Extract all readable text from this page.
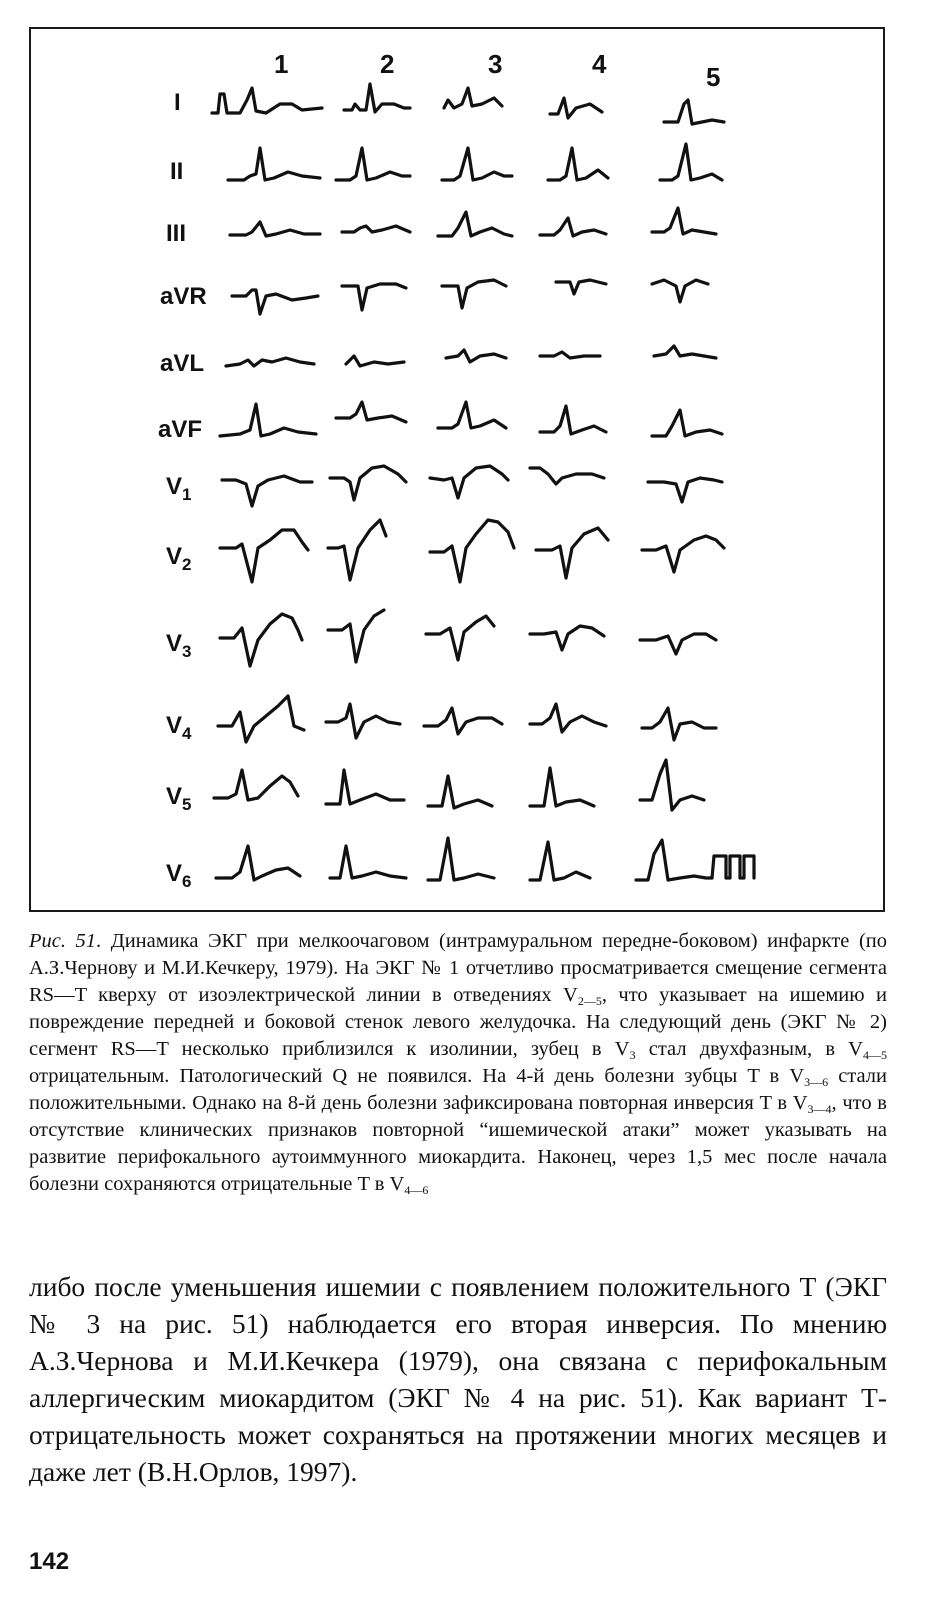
1	2	3	4	5
I
II
III
aVR
aVL
aVF
$V_1$
$V_2$
$V_3$
$V_4$
$V_5$
$V_6$
Рис. 51. Динамика ЭКГ при мелкоочаговом (интрамуральном передне-боковом) инфаркте (по А.З.Чернову и М.И.Кечкеру, 1979). На ЭКГ № 1 отчетливо просматривается смещение сегмента RS—T кверху от изоэлектрической линии в отведениях $V_{2—5}$, что указывает на ишемию и повреждение передней и боковой стенок левого желудочка. На следующий день (ЭКГ № 2) сегмент RS—T несколько приблизился к изолинии, зубец в $V_3$ стал двухфазным, в $V_{4—5}$ отрицательным. Патологический Q не появился. На 4-й день болезни зубцы T в $V_{3—6}$ стали положительными. Однако на 8-й день болезни зафиксирована повторная инверсия T в $V_{3—4}$, что в отсутствие клинических признаков повторной “ишемической атаки” может указывать на развитие перифокального аутоиммунного миокардита. Наконец, через 1,5 мес после начала болезни сохраняются отрицательные T в $V_{4—6}$
либо после уменьшения ишемии с появлением положительного Т (ЭКГ № 3 на рис. 51) наблюдается его вторая инверсия. По мнению А.З.Чернова и М.И.Кечкера (1979), она связана с перифокальным аллергическим миокардитом (ЭКГ № 4 на рис. 51). Как вариант Т-отрицательность может сохраняться на протяжении многих месяцев и даже лет (В.Н.Орлов, 1997).
142
